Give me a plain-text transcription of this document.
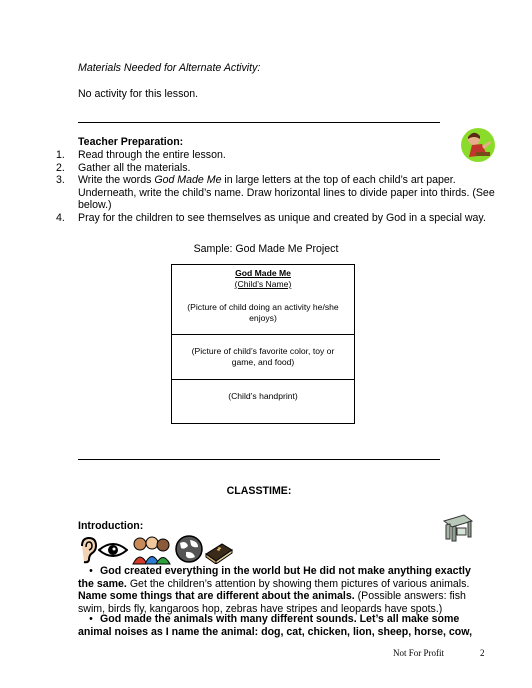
Materials Needed for Alternate Activity:
No activity for this lesson.
Teacher Preparation:
1. Read through the entire lesson.
2. Gather all the materials.
3. Write the words God Made Me in large letters at the top of each child’s art paper. Underneath, write the child’s name. Draw horizontal lines to divide paper into thirds. (See below.)
4. Pray for the children to see themselves as unique and created by God in a special way.
Sample: God Made Me Project
God Made Me
(Child’s Name)
(Picture of child doing an activity he/she enjoys)
(Picture of child’s favorite color, toy or game, and food)
(Child’s handprint)
CLASSTIME:
Introduction:
• God created everything in the world but He did not make anything exactly the same. Get the children’s attention by showing them pictures of various animals. Name some things that are different about the animals. (Possible answers: fish swim, birds fly, kangaroos hop, zebras have stripes and leopards have spots.)
• God made the animals with many different sounds. Let’s all make some animal noises as I name the animal: dog, cat, chicken, lion, sheep, horse, cow,
Not For Profit	2
